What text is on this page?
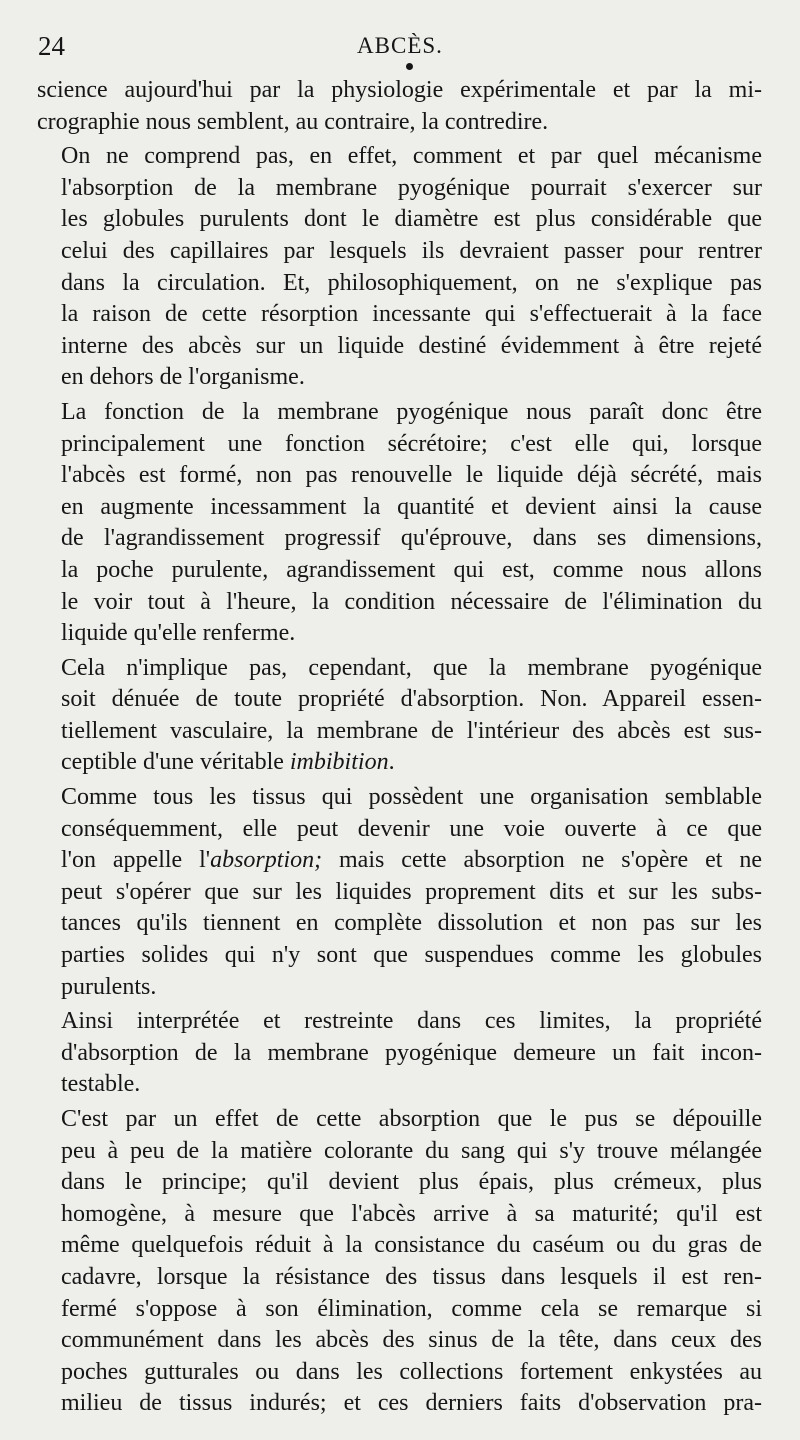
24	ABCÈS.

science aujourd'hui par la physiologie expérimentale et par la mi-
crographie nous semblent, au contraire, la contredire.

On ne comprend pas, en effet, comment et par quel mécanisme
l'absorption de la membrane pyogénique pourrait s'exercer sur
les globules purulents dont le diamètre est plus considérable que
celui des capillaires par lesquels ils devraient passer pour rentrer
dans la circulation. Et, philosophiquement, on ne s'explique pas
la raison de cette résorption incessante qui s'effectuerait à la face
interne des abcès sur un liquide destiné évidemment à être rejeté
en dehors de l'organisme.

La fonction de la membrane pyogénique nous paraît donc être
principalement une fonction sécrétoire; c'est elle qui, lorsque
l'abcès est formé, non pas renouvelle le liquide déjà sécrété, mais
en augmente incessamment la quantité et devient ainsi la cause
de l'agrandissement progressif qu'éprouve, dans ses dimensions,
la poche purulente, agrandissement qui est, comme nous allons
le voir tout à l'heure, la condition nécessaire de l'élimination du
liquide qu'elle renferme.

Cela n'implique pas, cependant, que la membrane pyogénique
soit dénuée de toute propriété d'absorption. Non. Appareil essen-
tiellement vasculaire, la membrane de l'intérieur des abcès est sus-
ceptible d'une véritable imbibition.

Comme tous les tissus qui possèdent une organisation semblable
conséquemment, elle peut devenir une voie ouverte à ce que
l'on appelle l'absorption; mais cette absorption ne s'opère et ne
peut s'opérer que sur les liquides proprement dits et sur les subs-
tances qu'ils tiennent en complète dissolution et non pas sur les
parties solides qui n'y sont que suspendues comme les globules
purulents.

Ainsi interprétée et restreinte dans ces limites, la propriété
d'absorption de la membrane pyogénique demeure un fait incon-
testable.

C'est par un effet de cette absorption que le pus se dépouille
peu à peu de la matière colorante du sang qui s'y trouve mélangée
dans le principe; qu'il devient plus épais, plus crémeux, plus
homogène, à mesure que l'abcès arrive à sa maturité; qu'il est
même quelquefois réduit à la consistance du caséum ou du gras de
cadavre, lorsque la résistance des tissus dans lesquels il est ren-
fermé s'oppose à son élimination, comme cela se remarque si
communément dans les abcès des sinus de la tête, dans ceux des
poches gutturales ou dans les collections fortement enkystées au
milieu de tissus indurés; et ces derniers faits d'observation pra-
